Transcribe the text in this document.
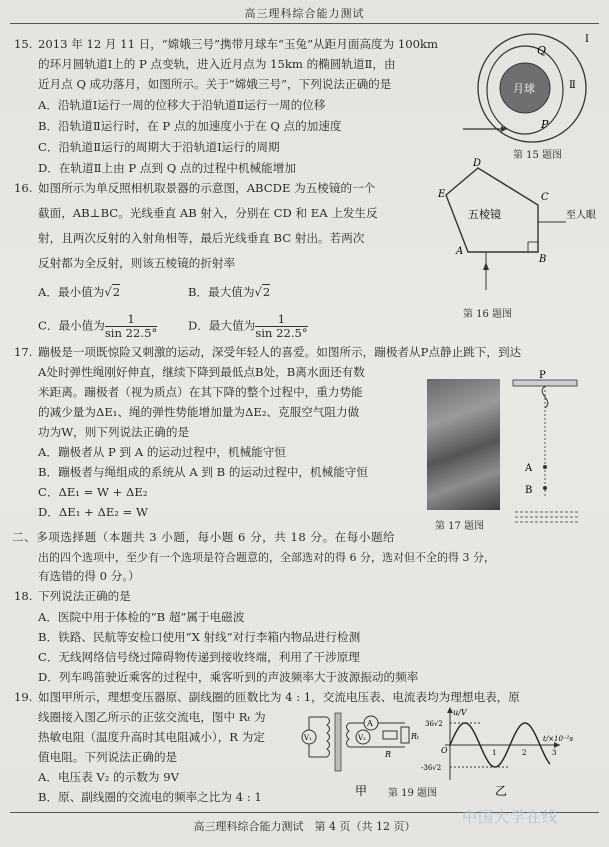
高三理科综合能力测试
15. 2013 年 12 月 11 日，“嫦娥三号”携带月球车“玉兔”从距月面高度为 100km
的环月圆轨道Ⅰ上的 P 点变轨，进入近月点为 15km 的椭圆轨道Ⅱ，由
近月点 Q 成功落月，如图所示。关于“嫦娥三号”，下列说法正确的是
A．沿轨道Ⅰ运行一周的位移大于沿轨道Ⅱ运行一周的位移
B．沿轨道Ⅱ运行时，在 P 点的加速度小于在 Q 点的加速度
C．沿轨道Ⅱ运行的周期大于沿轨道Ⅰ运行的周期
D．在轨道Ⅱ上由 P 点到 Q 点的过程中机械能增加
月球
Q
P
Ⅰ
Ⅱ
第 15 题图
16. 如图所示为单反照相机取景器的示意图，ABCDE 为五棱镜的一个
截面，AB⊥BC。光线垂直 AB 射入，分别在 CD 和 EA 上发生反
射，且两次反射的入射角相等，最后光线垂直 BC 射出。若两次
反射都为全反射，则该五棱镜的折射率
A．最小值为√2	B．最大值为√2
C．最小值为 $\frac{1}{\sin 22.5^\circ}$	D．最大值为 $\frac{1}{\sin 22.5^\circ}$
D
E	C
A
B
五棱镜	至人眼
第 16 题图
17. 蹦极是一项既惊险又刺激的运动，深受年轻人的喜爱。如图所示，蹦极者从P点静止跳下，到达
A处时弹性绳刚好伸直，继续下降到最低点B处，B离水面还有数
米距离。蹦极者（视为质点）在其下降的整个过程中，重力势能
的减少量为ΔE₁、绳的弹性势能增加量为ΔE₂、克服空气阻力做
功为W，则下列说法正确的是
A．蹦极者从 P 到 A 的运动过程中，机械能守恒
B．蹦极者与绳组成的系统从 A 到 B 的运动过程中，机械能守恒
C．ΔE₁ = W + ΔE₂
D．ΔE₁ + ΔE₂ = W
P
A
B
第 17 题图
二、多项选择题（本题共 3 小题，每小题 6 分，共 18 分。在每小题给
出的四个选项中，至少有一个选项是符合题意的，全部选对的得 6 分，选对但不全的得 3 分，
有选错的得 0 分。）
18. 下列说法正确的是
A．医院中用于体检的“B 超”属于电磁波
B．铁路、民航等安检口使用“X 射线”对行李箱内物品进行检测
C．无线网络信号绕过障碍物传递到接收终端，利用了干涉原理
D．列车鸣笛驶近乘客的过程中，乘客听到的声波频率大于波源振动的频率
19. 如图甲所示，理想变压器原、副线圈的匝数比为 4 : 1，交流电压表、电流表均为理想电表，原
线圈接入图乙所示的正弦交流电，图中 Rₜ 为
热敏电阻（温度升高时其电阻减小），R 为定
值电阻。下列说法正确的是
A．电压表 V₂ 的示数为 9V
B．原、副线圈的交流电的频率之比为 4 : 1
V₁
A
V₂
R
Rₜ
甲
u/V
36√2
-36√2
O	1	2	3
t/×10⁻²s
乙
第 19 题图
高三理科综合能力测试　第 4 页（共 12 页）
中国大学在线
